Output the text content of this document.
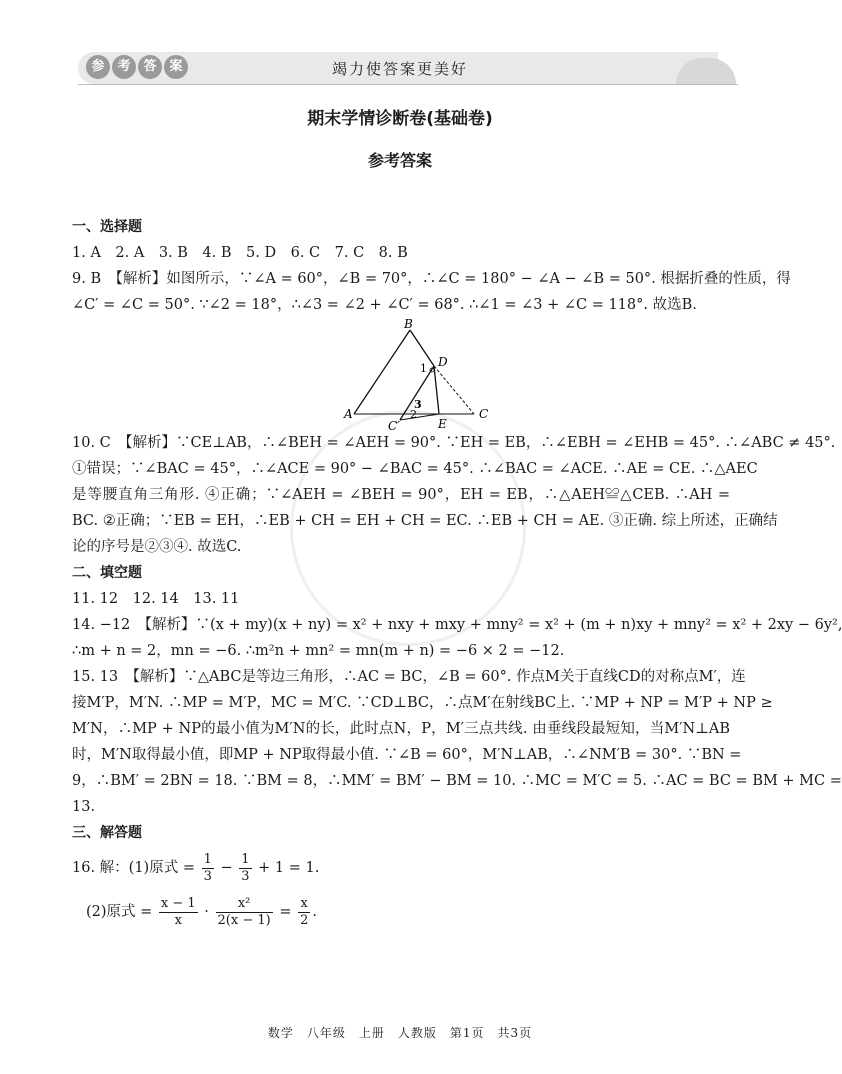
参 考 答 案	竭力使答案更美好
期末学情诊断卷(基础卷)
参考答案
一、选择题
1. A　2. A　3. B　4. B　5. D　6. C　7. C　8. B
9. B　【解析】如图所示，∵∠A = 60°，∠B = 70°，∴∠C = 180° − ∠A − ∠B = 50°. 根据折叠的性质，得
∠C′ = ∠C = 50°. ∵∠2 = 18°，∴∠3 = ∠2 + ∠C′ = 68°. ∴∠1 = ∠3 + ∠C = 118°. 故选B.
A
B
C
C′
D
E
1
2
3
10. C　【解析】∵CE⊥AB，∴∠BEH = ∠AEH = 90°. ∵EH = EB，∴∠EBH = ∠EHB = 45°. ∴∠ABC ≠ 45°.
①错误；∵∠BAC = 45°，∴∠ACE = 90° − ∠BAC = 45°. ∴∠BAC = ∠ACE. ∴AE = CE. ∴△AEC
是等腰直角三角形. ④正确；∵∠AEH = ∠BEH = 90°，EH = EB，∴△AEH≌△CEB. ∴AH =
BC. ②正确；∵EB = EH，∴EB + CH = EH + CH = EC. ∴EB + CH = AE. ③正确. 综上所述，正确结
论的序号是②③④. 故选C.
二、填空题
11. 12　12. 14　13. 11
14. −12　【解析】∵(x + my)(x + ny) = x² + nxy + mxy + mny² = x² + (m + n)xy + mny² = x² + 2xy − 6y²,
∴m + n = 2，mn = −6. ∴m²n + mn² = mn(m + n) = −6 × 2 = −12.
15. 13　【解析】∵△ABC是等边三角形，∴AC = BC，∠B = 60°. 作点M关于直线CD的对称点M′，连
接M′P，M′N. ∴MP = M′P，MC = M′C. ∵CD⊥BC，∴点M′在射线BC上. ∵MP + NP = M′P + NP ≥
M′N，∴MP + NP的最小值为M′N的长，此时点N，P，M′三点共线. 由垂线段最短知，当M′N⊥AB
时，M′N取得最小值，即MP + NP取得最小值. ∵∠B = 60°，M′N⊥AB，∴∠NM′B = 30°. ∵BN =
9，∴BM′ = 2BN = 18. ∵BM = 8，∴MM′ = BM′ − BM = 10. ∴MC = M′C = 5. ∴AC = BC = BM + MC =
13.
三、解答题
16. 解：(1)原式 = $\frac{1}{3} - \frac{1}{3} + 1 = 1$.
(2)原式 = $\frac{x - 1}{x} \cdot \frac{\text{x²}}{2(x - 1)} = \frac{x}{2}$ .
数学　八年级　上册　人教版　第1页　共3页
